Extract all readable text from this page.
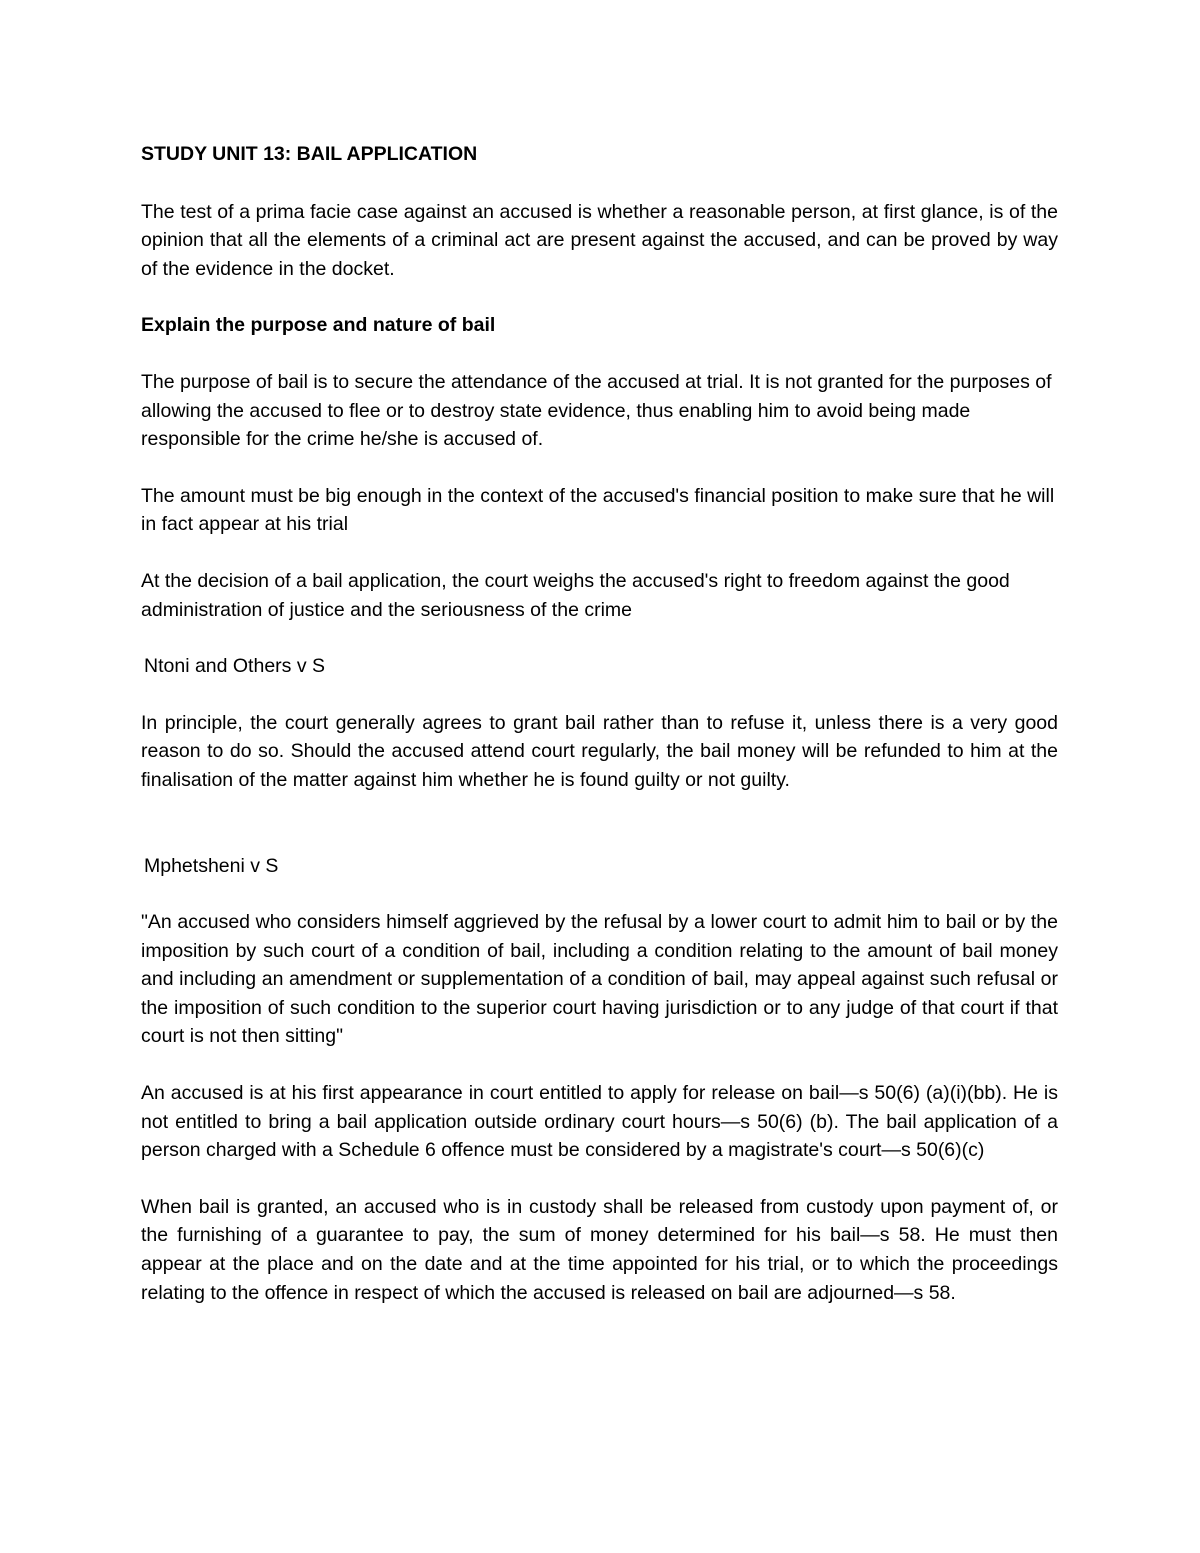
STUDY UNIT 13: BAIL APPLICATION

The test of a prima facie case against an accused is whether a reasonable person, at first glance, is of the opinion that all the elements of a criminal act are present against the accused, and can be proved by way of the evidence in the docket.

Explain the purpose and nature of bail

The purpose of bail is to secure the attendance of the accused at trial. It is not granted for the purposes of allowing the accused to flee or to destroy state evidence, thus enabling him to avoid being made responsible for the crime he/she is accused of.

The amount must be big enough in the context of the accused's financial position to make sure that he will in fact appear at his trial

At the decision of a bail application, the court weighs the accused's right to freedom against the good administration of justice and the seriousness of the crime

Ntoni and Others v S

In principle, the court generally agrees to grant bail rather than to refuse it, unless there is a very good reason to do so. Should the accused attend court regularly, the bail money will be refunded to him at the finalisation of the matter against him whether he is found guilty or not guilty.

Mphetsheni v S

"An accused who considers himself aggrieved by the refusal by a lower court to admit him to bail or by the imposition by such court of a condition of bail, including a condition relating to the amount of bail money and including an amendment or supplementation of a condition of bail, may appeal against such refusal or the imposition of such condition to the superior court having jurisdiction or to any judge of that court if that court is not then sitting"

An accused is at his first appearance in court entitled to apply for release on bail—s 50(6) (a)(i)(bb). He is not entitled to bring a bail application outside ordinary court hours—s 50(6) (b). The bail application of a person charged with a Schedule 6 offence must be considered by a magistrate's court—s 50(6)(c)

When bail is granted, an accused who is in custody shall be released from custody upon payment of, or the furnishing of a guarantee to pay, the sum of money determined for his bail—s 58. He must then appear at the place and on the date and at the time appointed for his trial, or to which the proceedings relating to the offence in respect of which the accused is released on bail are adjourned—s 58.
